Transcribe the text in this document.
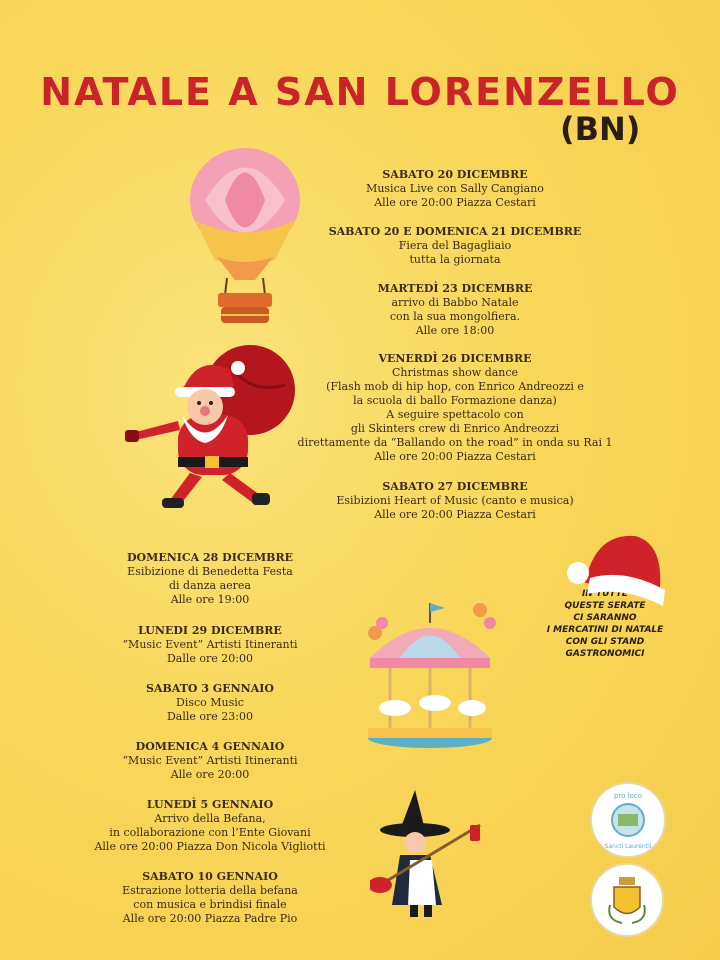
NATALE A SAN LORENZELLO
(BN)
SABATO 20 DICEMBRE
Musica Live con Sally Cangiano
Alle ore 20:00 Piazza Cestari
SABATO 20 E DOMENICA 21 DICEMBRE
Fiera del Bagagliaio
tutta la giornata
MARTEDÌ 23 DICEMBRE
arrivo di Babbo Natale
con la sua mongolfiera.
Alle ore 18:00
VENERDÌ 26 DICEMBRE
Christmas show dance
(Flash mob di hip hop, con Enrico Andreozzi e
la scuola di ballo Formazione danza)
A seguire spettacolo con
gli Skinters crew di Enrico Andreozzi
direttamente da “Ballando on the road” in onda su Rai 1
Alle ore 20:00 Piazza Cestari
SABATO 27 DICEMBRE
Esibizioni Heart of Music (canto e musica)
Alle ore 20:00 Piazza Cestari
DOMENICA 28 DICEMBRE
Esibizione di Benedetta Festa
di danza aerea
Alle ore 19:00
LUNEDI 29 DICEMBRE
“Music Event” Artisti Itineranti
Dalle ore 20:00
SABATO 3 GENNAIO
Disco Music
Dalle ore 23:00
DOMENICA 4 GENNAIO
“Music Event” Artisti Itineranti
Alle ore 20:00
LUNEDÌ 5 GENNAIO
Arrivo della Befana,
in collaborazione con l’Ente Giovani
Alle ore 20:00 Piazza Don Nicola Vigliotti
SABATO 10 GENNAIO
Estrazione lotteria della befana
con musica e brindisi finale
Alle ore 20:00 Piazza Padre Pio
IN TUTTE
QUESTE SERATE
CI SARANNO
I MERCATINI DI NATALE
CON GLI STAND
GASTRONOMICI
pro loco
Sancti Laurentii
